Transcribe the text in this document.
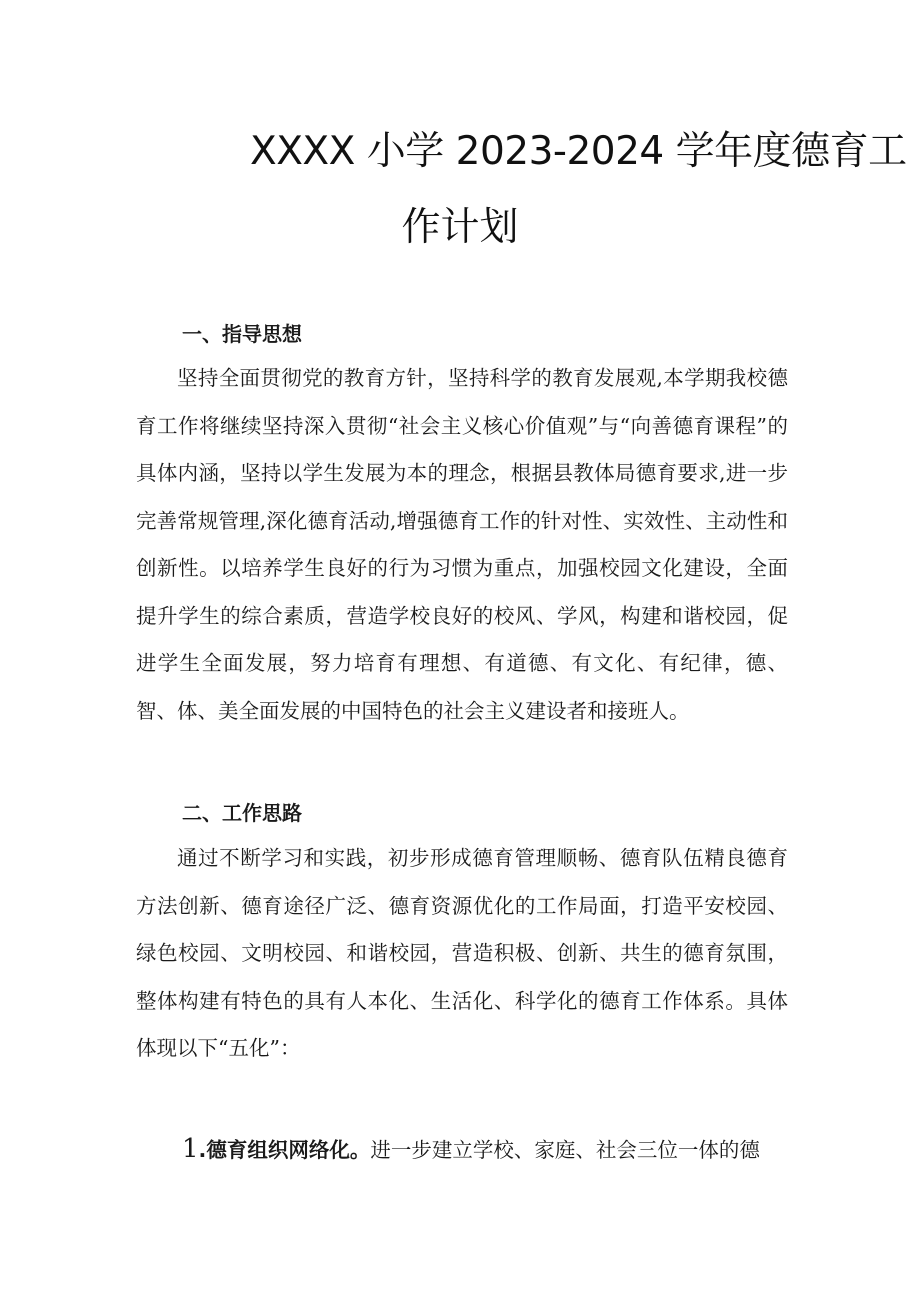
XXXX 小学 2023-2024 学年度德育工
作计划
一、指导思想

坚持全面贯彻党的教育方针，坚持科学的教育发展观,本学期我校德育工作将继续坚持深入贯彻“社会主义核心价值观”与“向善德育课程”的具体内涵，坚持以学生发展为本的理念，根据县教体局德育要求,进一步完善常规管理,深化德育活动,增强德育工作的针对性、实效性、主动性和创新性。以培养学生良好的行为习惯为重点，加强校园文化建设，全面提升学生的综合素质，营造学校良好的校风、学风，构建和谐校园，促进学生全面发展，努力培育有理想、有道德、有文化、有纪律，德、智、体、美全面发展的中国特色的社会主义建设者和接班人。

二、工作思路

通过不断学习和实践，初步形成德育管理顺畅、德育队伍精良德育方法创新、德育途径广泛、德育资源优化的工作局面，打造平安校园、绿色校园、文明校园、和谐校园，营造积极、创新、共生的德育氛围，整体构建有特色的具有人本化、生活化、科学化的德育工作体系。具体体现以下“五化”：

1.德育组织网络化。进一步建立学校、家庭、社会三位一体的德
